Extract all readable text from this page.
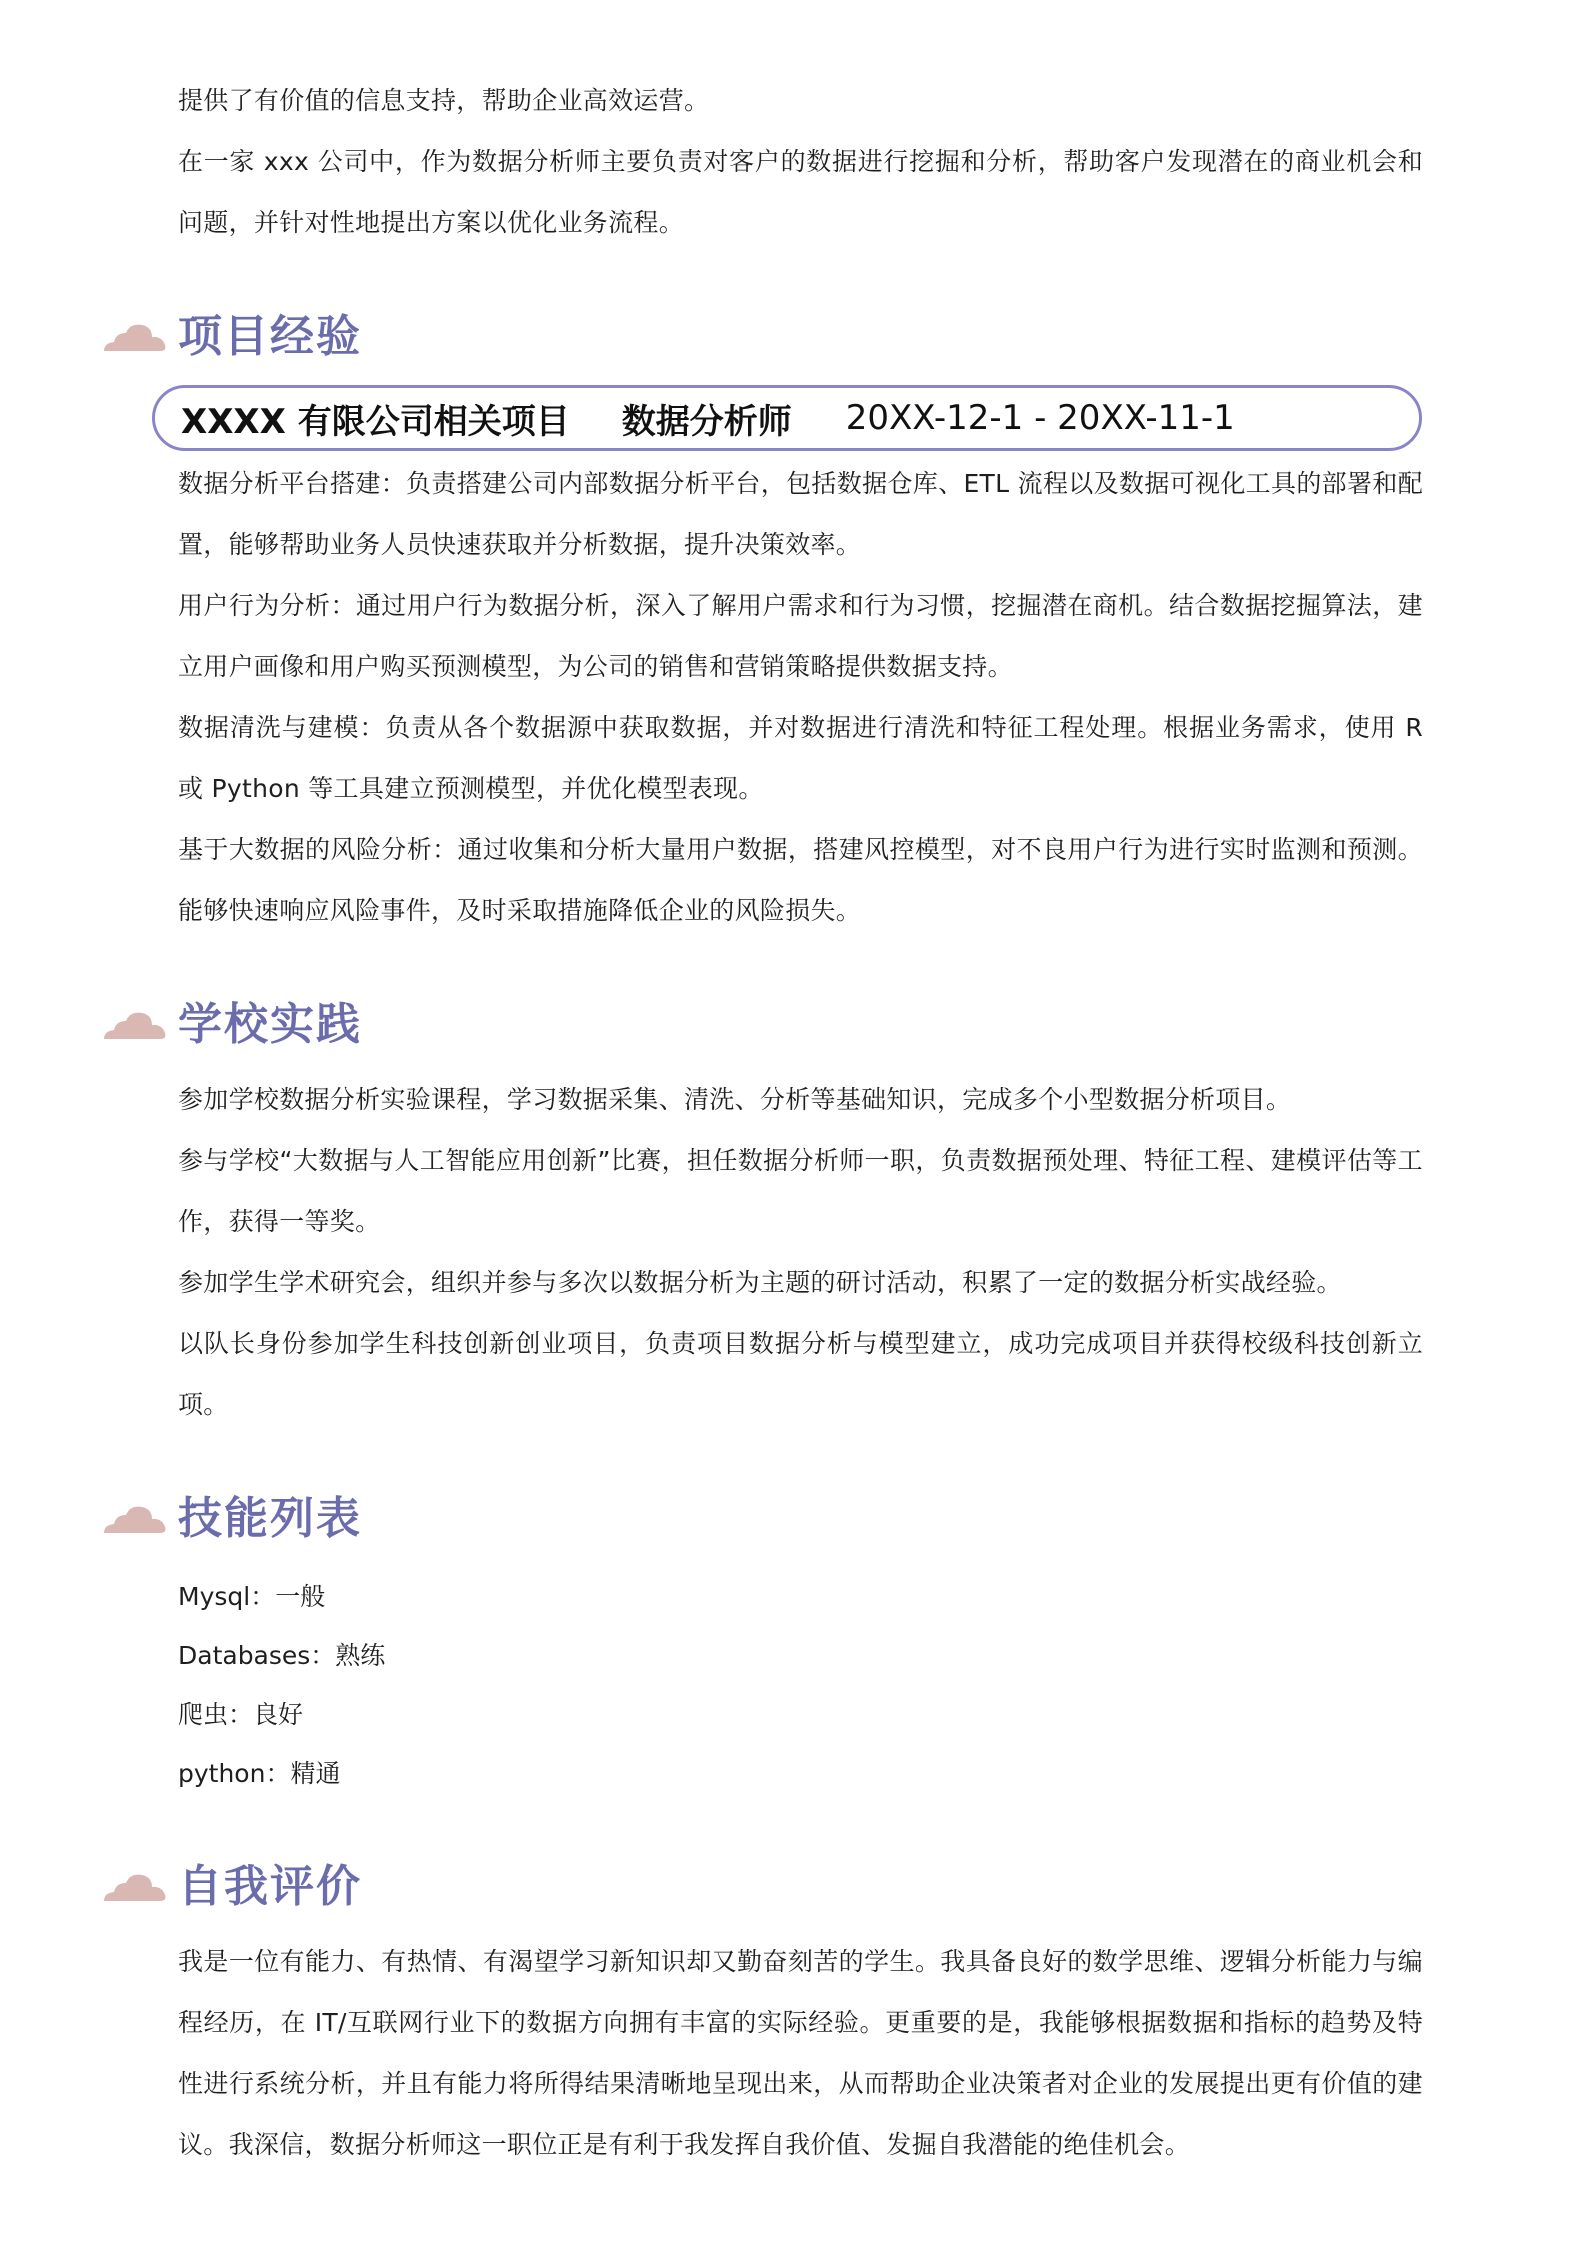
提供了有价值的信息支持，帮助企业高效运营。

在一家 xxx 公司中，作为数据分析师主要负责对客户的数据进行挖掘和分析，帮助客户发现潜在的商业机会和问题，并针对性地提出方案以优化业务流程。

项目经验
XXXX 有限公司相关项目 数据分析师 20XX-12-1 - 20XX-11-1

数据分析平台搭建：负责搭建公司内部数据分析平台，包括数据仓库、ETL 流程以及数据可视化工具的部署和配置，能够帮助业务人员快速获取并分析数据，提升决策效率。

用户行为分析：通过用户行为数据分析，深入了解用户需求和行为习惯，挖掘潜在商机。结合数据挖掘算法，建立用户画像和用户购买预测模型，为公司的销售和营销策略提供数据支持。

数据清洗与建模：负责从各个数据源中获取数据，并对数据进行清洗和特征工程处理。根据业务需求，使用 R 或 Python 等工具建立预测模型，并优化模型表现。

基于大数据的风险分析：通过收集和分析大量用户数据，搭建风控模型，对不良用户行为进行实时监测和预测。能够快速响应风险事件，及时采取措施降低企业的风险损失。

学校实践

参加学校数据分析实验课程，学习数据采集、清洗、分析等基础知识，完成多个小型数据分析项目。

参与学校“大数据与人工智能应用创新”比赛，担任数据分析师一职，负责数据预处理、特征工程、建模评估等工作，获得一等奖。

参加学生学术研究会，组织并参与多次以数据分析为主题的研讨活动，积累了一定的数据分析实战经验。

以队长身份参加学生科技创新创业项目，负责项目数据分析与模型建立，成功完成项目并获得校级科技创新立项。

技能列表

Mysql：一般

Databases：熟练

爬虫：良好

python：精通

自我评价

我是一位有能力、有热情、有渴望学习新知识却又勤奋刻苦的学生。我具备良好的数学思维、逻辑分析能力与编程经历，在 IT/互联网行业下的数据方向拥有丰富的实际经验。更重要的是，我能够根据数据和指标的趋势及特性进行系统分析，并且有能力将所得结果清晰地呈现出来，从而帮助企业决策者对企业的发展提出更有价值的建议。我深信，数据分析师这一职位正是有利于我发挥自我价值、发掘自我潜能的绝佳机会。
